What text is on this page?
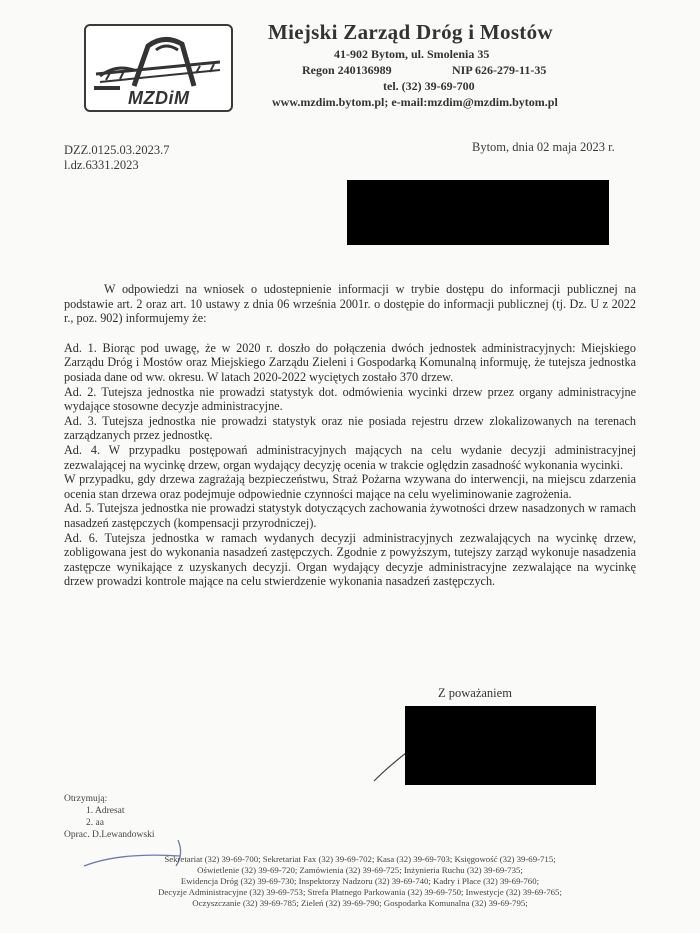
MZDiM
Miejski Zarząd Dróg i Mostów
41-902 Bytom, ul. Smolenia 35
Regon 240136989	NIP 626-279-11-35
tel. (32) 39-69-700
www.mzdim.bytom.pl; e-mail:mzdim@mzdim.bytom.pl
DZZ.0125.03.2023.7
l.dz.6331.2023
Bytom, dnia 02 maja 2023 r.

W odpowiedzi na wniosek o udostepnienie informacji w trybie dostępu do informacji publicznej na podstawie art. 2 oraz art. 10 ustawy z dnia 06 września 2001r. o dostępie do informacji publicznej (tj. Dz. U z 2022 r., poz. 902) informujemy że:

Ad. 1. Biorąc pod uwagę, że w 2020 r. doszło do połączenia dwóch jednostek administracyjnych: Miejskiego Zarządu Dróg i Mostów oraz Miejskiego Zarządu Zieleni i Gospodarką Komunalną informuję, że tutejsza jednostka posiada dane od ww. okresu. W latach 2020-2022 wyciętych zostało 370 drzew.

Ad. 2. Tutejsza jednostka nie prowadzi statystyk dot. odmówienia wycinki drzew przez organy administracyjne wydające stosowne decyzje administracyjne.

Ad. 3. Tutejsza jednostka nie prowadzi statystyk oraz nie posiada rejestru drzew zlokalizowanych na terenach zarządzanych przez jednostkę.

Ad. 4. W przypadku postępowań administracyjnych mających na celu wydanie decyzji administracyjnej zezwalającej na wycinkę drzew, organ wydający decyzję ocenia w trakcie oględzin zasadność wykonania wycinki.

W przypadku, gdy drzewa zagrażają bezpieczeństwu, Straż Pożarna wzywana do interwencji, na miejscu zdarzenia ocenia stan drzewa oraz podejmuje odpowiednie czynności mające na celu wyeliminowanie zagrożenia.

Ad. 5. Tutejsza jednostka nie prowadzi statystyk dotyczących zachowania żywotności drzew nasadzonych w ramach nasadzeń zastępczych (kompensacji przyrodniczej).

Ad. 6. Tutejsza jednostka w ramach wydanych decyzji administracyjnych zezwalających na wycinkę drzew, zobligowana jest do wykonania nasadzeń zastępczych. Zgodnie z powyższym, tutejszy zarząd wykonuje nasadzenia zastępcze wynikające z uzyskanych decyzji. Organ wydający decyzje administracyjne zezwalające na wycinkę drzew prowadzi kontrole mające na celu stwierdzenie wykonania nasadzeń zastępczych.

Z poważaniem
Otrzymują:
1. Adresat
2. aa
Oprac. D.Lewandowski
Sekretariat (32) 39-69-700; Sekretariat Fax (32) 39-69-702; Kasa (32) 39-69-703; Księgowość (32) 39-69-715;
Oświetlenie (32) 39-69-720; Zamówienia (32) 39-69-725; Inżynieria Ruchu (32) 39-69-735;
Ewidencja Dróg (32) 39-69-730; Inspektorzy Nadzoru (32) 39-69-740; Kadry i Płace (32) 39-69-760;
Decyzje Administracyjne (32) 39-69-753; Strefa Płatnego Parkowania (32) 39-69-750; Inwestycje (32) 39-69-765;
Oczyszczanie (32) 39-69-785; Zieleń (32) 39-69-790; Gospodarka Komunalna (32) 39-69-795;
